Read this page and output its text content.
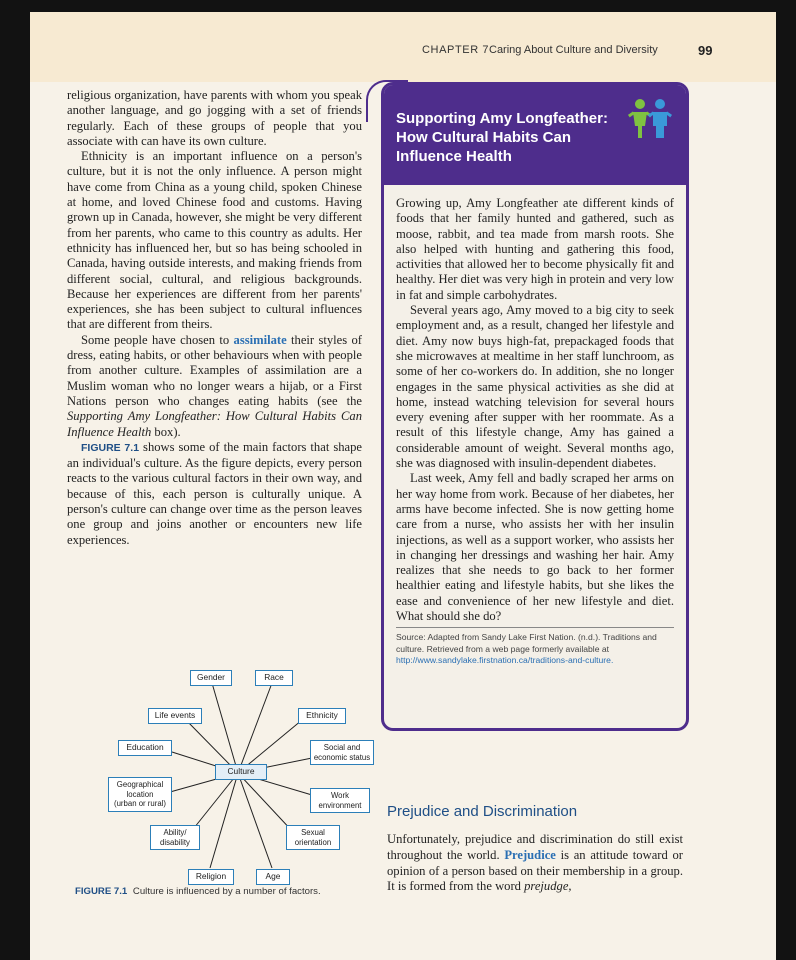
CHAPTER 7 Caring About Culture and Diversity	99

religious organization, have parents with whom you speak another language, and go jogging with a set of friends regularly. Each of these groups of people that you associate with can have its own culture.

Ethnicity is an important influence on a person's culture, but it is not the only influence. A person might have come from China as a young child, spoken Chinese at home, and loved Chinese food and customs. Having grown up in Canada, however, she might be very different from her parents, who came to this country as adults. Her ethnicity has influenced her, but so has being schooled in Canada, having outside interests, and making friends from different social, cultural, and religious backgrounds. Because her experiences are different from her parents' experiences, she has been subject to cultural influences that are different from theirs.

Some people have chosen to assimilate their styles of dress, eating habits, or other behaviours when with people from another culture. Examples of assimilation are a Muslim woman who no longer wears a hijab, or a First Nations person who changes eating habits (see the Supporting Amy Longfeather: How Cultural Habits Can Influence Health box).

FIGURE 7.1 shows some of the main factors that shape an individual's culture. As the figure depicts, every person reacts to the various cultural factors in their own way, and because of this, each person is culturally unique. A person's culture can change over time as the person leaves one group and joins another or encounters new life experiences.

Supporting Amy Longfeather: How Cultural Habits Can Influence Health

Growing up, Amy Longfeather ate different kinds of foods that her family hunted and gathered, such as moose, rabbit, and tea made from marsh roots. She also helped with hunting and gathering this food, activities that allowed her to become physically fit and healthy. Her diet was very high in protein and very low in fat and simple carbohydrates.

Several years ago, Amy moved to a big city to seek employment and, as a result, changed her lifestyle and diet. Amy now buys high-fat, prepackaged foods that she microwaves at mealtime in her staff lunchroom, as some of her co-workers do. In addition, she no longer engages in the same physical activities as she did at home, instead watching television for several hours every evening after supper with her roommate. As a result of this lifestyle change, Amy has gained a considerable amount of weight. Several months ago, she was diagnosed with insulin-dependent diabetes.

Last week, Amy fell and badly scraped her arms on her way home from work. Because of her diabetes, her arms have become infected. She is now getting home care from a nurse, who assists her with her insulin injections, as well as a support worker, who assists her in changing her dressings and washing her hair. Amy realizes that she needs to go back to her former healthier eating and lifestyle habits, but she likes the ease and convenience of her new lifestyle and diet. What should she do?

Source: Adapted from Sandy Lake First Nation. (n.d.). Traditions and culture. Retrieved from a web page formerly available at http://www.sandylake.firstnation.ca/traditions-and-culture.
Prejudice and Discrimination

Unfortunately, prejudice and discrimination do still exist throughout the world. Prejudice is an attitude toward or opinion of a person based on their membership in a group. It is formed from the word prejudge,

Gender	Race
Life events	Ethnicity
Education	Social and
economic status
Culture
Geographical
location
(urban or rural)
Work
environment
Ability/
disability
Sexual
orientation
Religion	Age
FIGURE 7.1 Culture is influenced by a number of factors.
